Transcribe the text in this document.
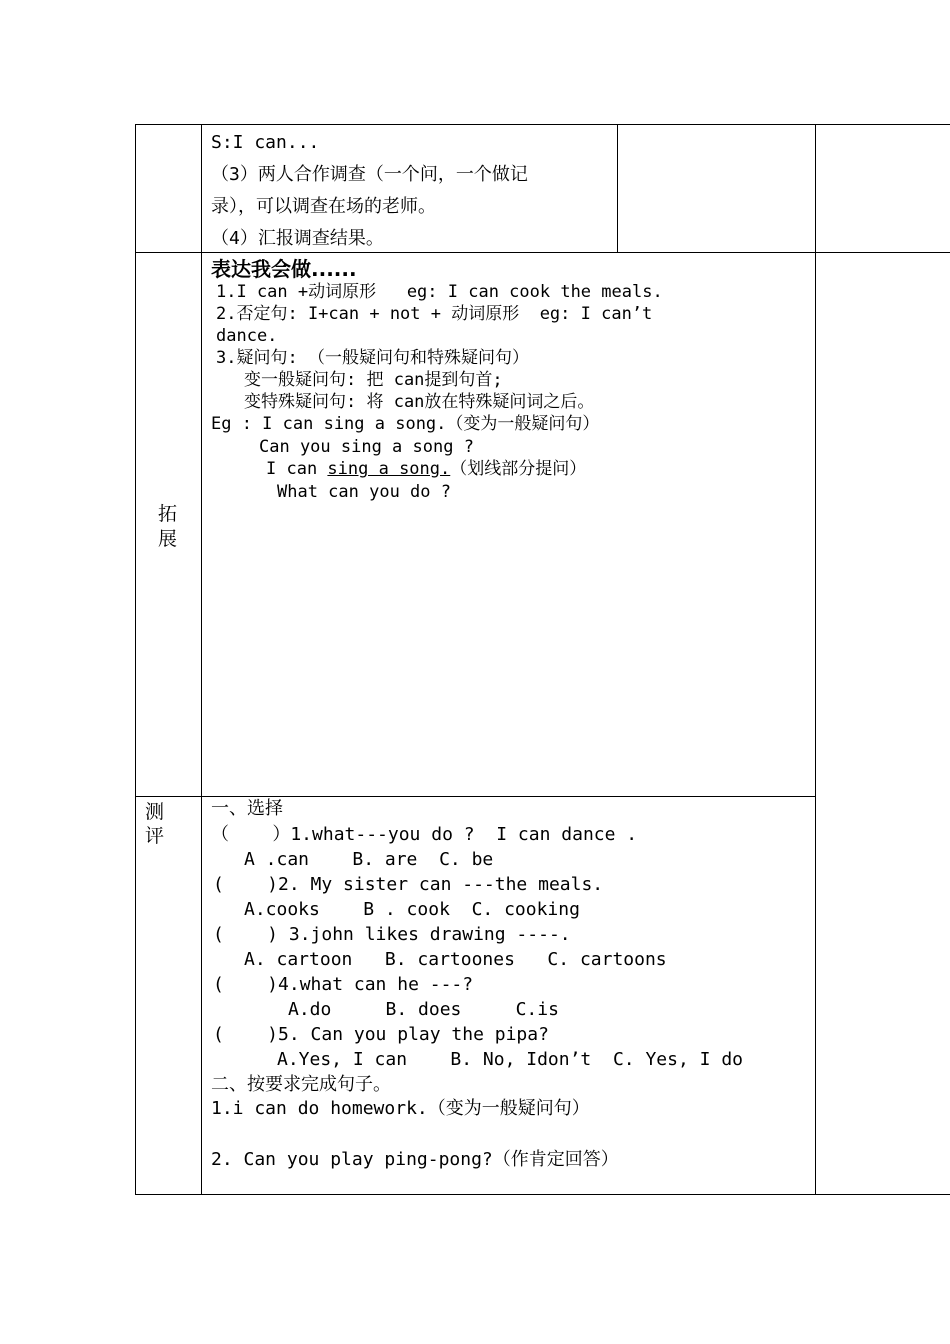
S:I can...
（3）两人合作调查（一个问，一个做记
录），可以调查在场的老师。
（4）汇报调查结果。
拓
展
表达我会做......
1.I can +动词原形   eg: I can cook the meals.
2.否定句: I+can + not + 动词原形  eg: I can’t
dance.
3.疑问句: （一般疑问句和特殊疑问句）
变一般疑问句: 把 can提到句首;
变特殊疑问句: 将 can放在特殊疑问词之后。
Eg : I can sing a song.（变为一般疑问句）
Can you sing a song ?
I can sing a song.（划线部分提问）
What can you do ?
测
评
一、选择
（    ）1.what---you do ?  I can dance .
A .can    B. are  C. be
(    )2. My sister can ---the meals.
A.cooks    B . cook  C. cooking
(    ) 3.john likes drawing ----.
A. cartoon   B. cartoones   C. cartoons
(    )4.what can he ---?
A.do     B. does     C.is
(    )5. Can you play the pipa?
A.Yes, I can    B. No, Idon’t  C. Yes, I do
二、按要求完成句子。
1.i can do homework.（变为一般疑问句）
2. Can you play ping-pong?（作肯定回答）
